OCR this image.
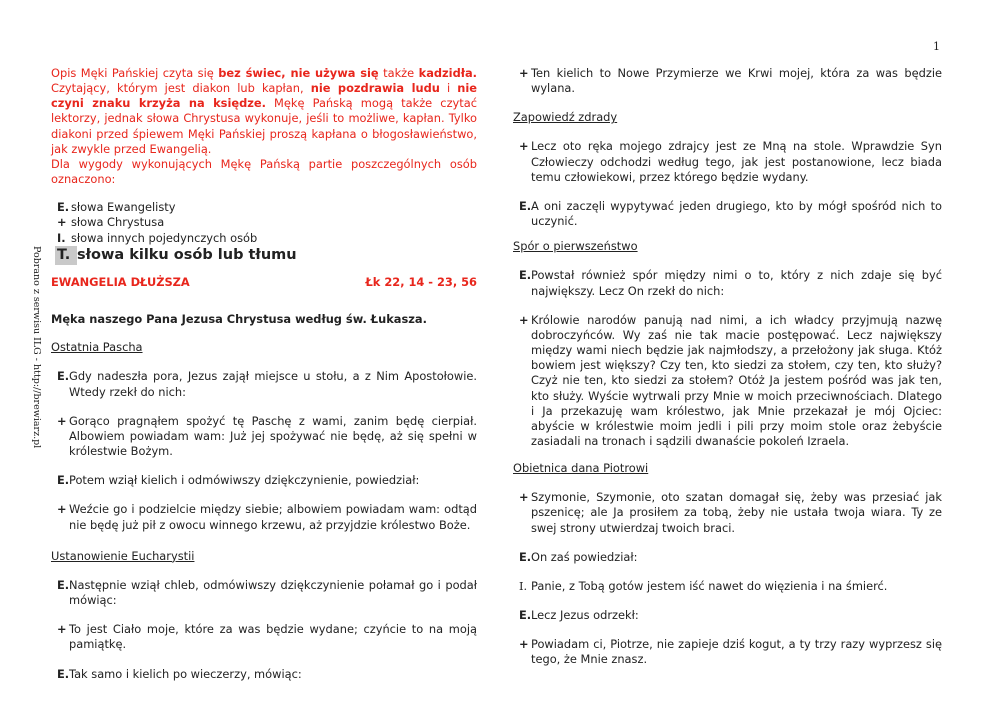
1
Pobrano z serwisu ILG - http://brewiarz.pl
Opis Męki Pańskiej czyta się bez świec, nie używa się także kadzidła. Czytający, którym jest diakon lub kapłan, nie pozdrawia ludu i nie czyni znaku krzyża na księdze. Mękę Pańską mogą także czytać lektorzy, jednak słowa Chrystusa wykonuje, jeśli to możliwe, kapłan. Tylko diakoni przed śpiewem Męki Pańskiej proszą kapłana o błogosławieństwo, jak zwykle przed Ewangelią.
Dla wygody wykonujących Mękę Pańską partie poszczególnych osób oznaczono:
E. słowa Ewangelisty
+ słowa Chrystusa
I. słowa innych pojedynczych osób
T. słowa kilku osób lub tłumu
EWANGELIA DŁUŻSZA	Łk 22, 14 - 23, 56
Męka naszego Pana Jezusa Chrystusa według św. Łukasza.
Ostatnia Pascha
E. Gdy nadeszła pora, Jezus zajął miejsce u stołu, a z Nim Apostołowie. Wtedy rzekł do nich:
+ Gorąco pragnąłem spożyć tę Paschę z wami, zanim będę cierpiał. Albowiem powiadam wam: Już jej spożywać nie będę, aż się spełni w królestwie Bożym.
E. Potem wziął kielich i odmówiwszy dziękczynienie, powiedział:
+ Weźcie go i podzielcie między siebie; albowiem powiadam wam: odtąd nie będę już pił z owocu winnego krzewu, aż przyjdzie królestwo Boże.
Ustanowienie Eucharystii
E. Następnie wziął chleb, odmówiwszy dziękczynienie połamał go i podał mówiąc:
+ To jest Ciało moje, które za was będzie wydane; czyńcie to na moją pamiątkę.
E. Tak samo i kielich po wieczerzy, mówiąc:
+ Ten kielich to Nowe Przymierze we Krwi mojej, która za was będzie wylana.
Zapowiedź zdrady
+ Lecz oto ręka mojego zdrajcy jest ze Mną na stole. Wprawdzie Syn Człowieczy odchodzi według tego, jak jest postanowione, lecz biada temu człowiekowi, przez którego będzie wydany.
E. A oni zaczęli wypytywać jeden drugiego, kto by mógł spośród nich to uczynić.
Spór o pierwszeństwo
E. Powstał również spór między nimi o to, który z nich zdaje się być największy. Lecz On rzekł do nich:
+ Królowie narodów panują nad nimi, a ich władcy przyjmują nazwę dobroczyńców. Wy zaś nie tak macie postępować. Lecz największy między wami niech będzie jak najmłodszy, a przełożony jak sługa. Któż bowiem jest większy? Czy ten, kto siedzi za stołem, czy ten, kto służy? Czyż nie ten, kto siedzi za stołem? Otóż Ja jestem pośród was jak ten, kto służy. Wyście wytrwali przy Mnie w moich przeciwnościach. Dlatego i Ja przekazuję wam królestwo, jak Mnie przekazał je mój Ojciec: abyście w królestwie moim jedli i pili przy moim stole oraz żebyście zasiadali na tronach i sądzili dwanaście pokoleń Izraela.
Obietnica dana Piotrowi
+ Szymonie, Szymonie, oto szatan domagał się, żeby was przesiać jak pszenicę; ale Ja prosiłem za tobą, żeby nie ustała twoja wiara. Ty ze swej strony utwierdzaj twoich braci.
E. On zaś powiedział:
I. Panie, z Tobą gotów jestem iść nawet do więzienia i na śmierć.
E. Lecz Jezus odrzekł:
+ Powiadam ci, Piotrze, nie zapieje dziś kogut, a ty trzy razy wyprzesz się tego, że Mnie znasz.
